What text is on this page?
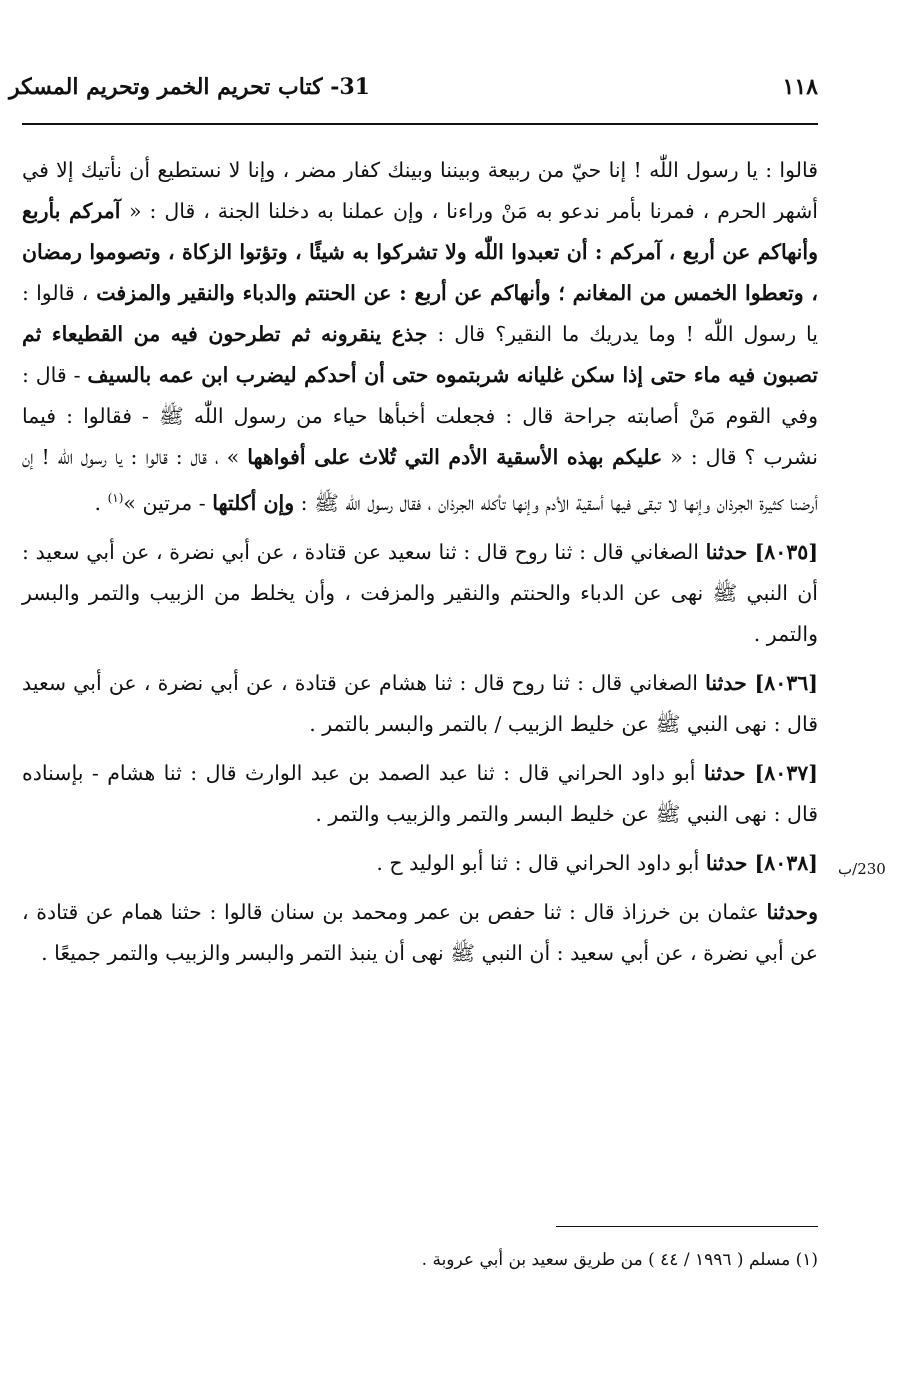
31- كتاب تحريم الخمر وتحريم المسكر	١١٨

قالوا : يا رسول اللّٰه ! إنا حيّ من ربيعة وبيننا وبينك كفار مضر ، وإنا لا نستطيع أن نأتيك إلا في أشهر الحرم ، فمرنا بأمر ندعو به مَنْ وراءنا ، وإن عملنا به دخلنا الجنة ، قال : « آمركم بأربع وأنهاكم عن أربع ، آمركم : أن تعبدوا اللّٰه ولا تشركوا به شيئًا ، وتؤتوا الزكاة ، وتصوموا رمضان ، وتعطوا الخمس من المغانم ؛ وأنهاكم عن أربع : عن الحنتم والدباء والنقير والمزفت ، قالوا : يا رسول اللّٰه ! وما يدريك ما النقير؟ قال : جذع ينقرونه ثم تطرحون فيه من القطيعاء ثم تصبون فيه ماء حتى إذا سكن غليانه شربتموه حتى أن أحدكم ليضرب ابن عمه بالسيف - قال : وفي القوم مَنْ أصابته جراحة قال : فجعلت أخبأها حياء من رسول اللّٰه ﷺ - فقالوا : فيما نشرب ؟ قال : « عليكم بهذه الأسقية الأدم التي تُلاث على أفواهها » ، قال : قالوا : يا رسول اللّٰه ! إن أرضنا كثيرة الجرذان وإنها لا تبقى فيها أسقية الأدم وإنها تأكله الجرذان ، فقال رسول اللّٰه ﷺ : وإن أكلتها - مرتين »$^{(١)}$ .

[٨٠٣٥] حدثنا الصغاني قال : ثنا روح قال : ثنا سعيد عن قتادة ، عن أبي نضرة ، عن أبي سعيد : أن النبي ﷺ نهى عن الدباء والحنتم والنقير والمزفت ، وأن يخلط من الزبيب والتمر والبسر والتمر .

[٨٠٣٦] حدثنا الصغاني قال : ثنا روح قال : ثنا هشام عن قتادة ، عن أبي نضرة ، عن أبي سعيد قال : نهى النبي ﷺ عن خليط الزبيب / بالتمر والبسر بالتمر .

[٨٠٣٧] حدثنا أبو داود الحراني قال : ثنا عبد الصمد بن عبد الوارث قال : ثنا هشام - بإسناده قال : نهى النبي ﷺ عن خليط البسر والتمر والزبيب والتمر .

[٨٠٣٨] حدثنا أبو داود الحراني قال : ثنا أبو الوليد ح .

وحدثنا عثمان بن خرزاذ قال : ثنا حفص بن عمر ومحمد بن سنان قالوا : حثنا همام عن قتادة ، عن أبي نضرة ، عن أبي سعيد : أن النبي ﷺ نهى أن ينبذ التمر والبسر والزبيب والتمر جميعًا .

230/ب
(١) مسلم ( ١٩٩٦ / ٤٤ ) من طريق سعيد بن أبي عروبة .
